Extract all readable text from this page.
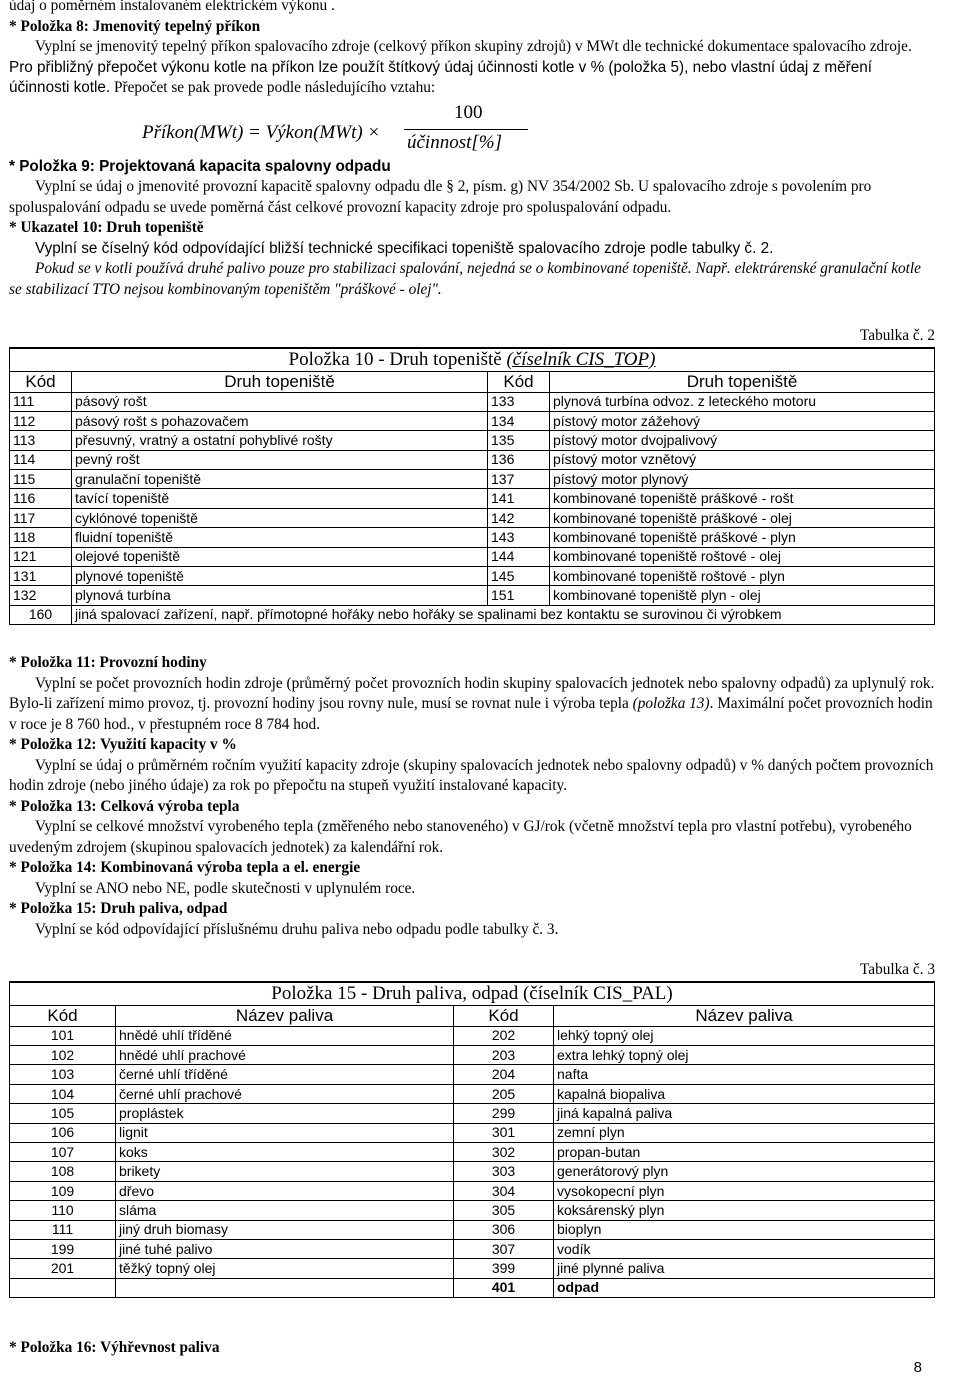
údaj o poměrném instalovaném elektrickém výkonu .

* Položka 8: Jmenovitý tepelný příkon

Vyplní se jmenovitý tepelný příkon spalovacího zdroje (celkový příkon skupiny zdrojů) v MWt dle technické dokumentace spalovacího zdroje. Pro přibližný přepočet výkonu kotle na příkon lze použít štítkový údaj účinnosti kotle v % (položka 5), nebo vlastní údaj z měření účinnosti kotle. Přepočet se pak provede podle následujícího vztahu:

Příkon(MWt) = Výkon(MWt) ×
100
účinnost[%]

* Položka 9: Projektovaná kapacita spalovny odpadu

Vyplní se údaj o jmenovité provozní kapacitě spalovny odpadu dle § 2, písm. g) NV 354/2002 Sb. U spalovacího zdroje s povolením pro spoluspalování odpadu se uvede poměrná část celkové provozní kapacity zdroje pro spoluspalování odpadu.

* Ukazatel 10: Druh topeniště

Vyplní se číselný kód odpovídající bližší technické specifikaci topeniště spalovacího zdroje podle tabulky č. 2.

Pokud se v kotli používá druhé palivo pouze pro stabilizaci spalování, nejedná se o kombinované topeniště. Např. elektrárenské granulační kotle se stabilizací TTO nejsou kombinovaným topeništěm "práškové - olej".

Tabulka č. 2

Položka 10 - Druh topeniště (číselník CIS_TOP)			
Kód	Druh topeniště	Kód	Druh topeniště
111	pásový rošt	133	plynová turbína odvoz. z leteckého motoru
112	pásový rošt s pohazovačem	134	pístový motor zážehový
113	přesuvný, vratný a ostatní pohyblivé rošty	135	pístový motor dvojpalivový
114	pevný rošt	136	pístový motor vznětový
115	granulační topeniště	137	pístový motor plynový
116	tavící topeniště	141	kombinované topeniště práškové - rošt
117	cyklónové topeniště	142	kombinované topeniště práškové - olej
118	fluidní topeniště	143	kombinované topeniště práškové - plyn
121	olejové topeniště	144	kombinované topeniště roštové - olej
131	plynové topeniště	145	kombinované topeniště roštové - plyn
132	plynová turbína	151	kombinované topeniště plyn - olej
160	jiná spalovací zařízení, např. přímotopné hořáky nebo hořáky se spalinami bez kontaktu se surovinou či výrobkem		

* Položka 11: Provozní hodiny

Vyplní se počet provozních hodin zdroje (průměrný počet provozních hodin skupiny spalovacích jednotek nebo spalovny odpadů) za uplynulý rok. Bylo-li zařízení mimo provoz, tj. provozní hodiny jsou rovny nule, musí se rovnat nule i výroba tepla (položka 13). Maximální počet provozních hodin v roce je 8 760 hod., v přestupném roce 8 784 hod.

* Položka 12: Využití kapacity v %

Vyplní se údaj o průměrném ročním využití kapacity zdroje (skupiny spalovacích jednotek nebo spalovny odpadů) v % daných počtem provozních hodin zdroje (nebo jiného údaje) za rok po přepočtu na stupeň využití instalované kapacity.

* Položka 13: Celková výroba tepla

Vyplní se celkové množství vyrobeného tepla (změřeného nebo stanoveného) v GJ/rok (včetně množství tepla pro vlastní potřebu), vyrobeného uvedeným zdrojem (skupinou spalovacích jednotek) za kalendářní rok.

* Položka 14: Kombinovaná výroba tepla a el. energie

Vyplní se ANO nebo NE, podle skutečnosti v uplynulém roce.

* Položka 15: Druh paliva, odpad

Vyplní se kód odpovídající příslušnému druhu paliva nebo odpadu podle tabulky č. 3.

Tabulka č. 3

Položka 15 - Druh paliva, odpad (číselník CIS_PAL)			
Kód	Název paliva	Kód	Název paliva
101	hnědé uhlí tříděné	202	lehký topný olej
102	hnědé uhlí prachové	203	extra lehký topný olej
103	černé uhlí tříděné	204	nafta
104	černé uhlí prachové	205	kapalná biopaliva
105	proplástek	299	jiná kapalná paliva
106	lignit	301	zemní plyn
107	koks	302	propan-butan
108	brikety	303	generátorový plyn
109	dřevo	304	vysokopecní plyn
110	sláma	305	koksárenský plyn
111	jiný druh biomasy	306	bioplyn
199	jiné tuhé palivo	307	vodík
201	těžký topný olej	399	jiné plynné paliva
		401	odpad

* Položka 16: Výhřevnost paliva

8
